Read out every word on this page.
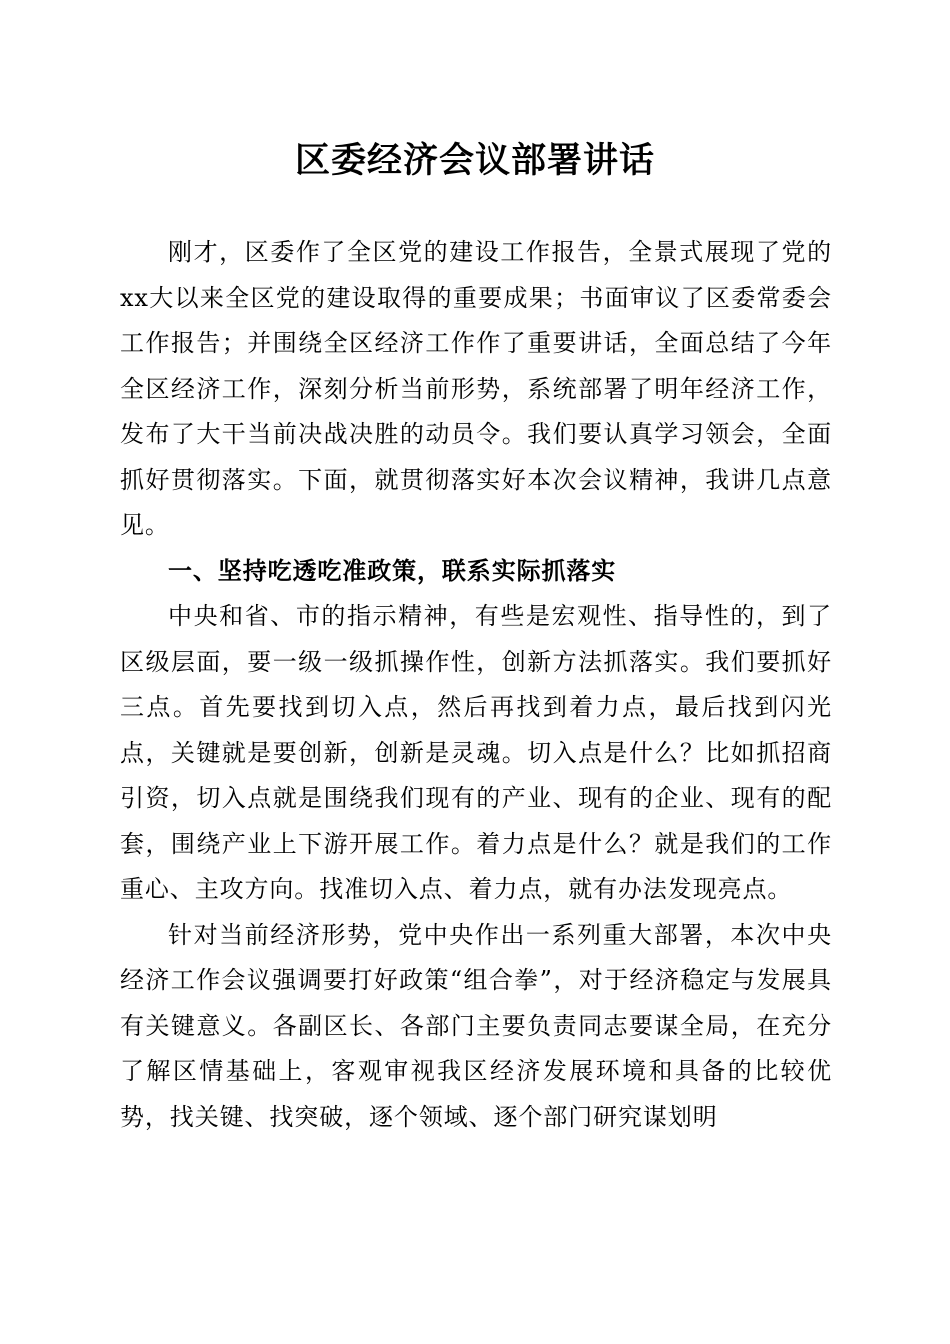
区委经济会议部署讲话

刚才，区委作了全区党的建设工作报告，全景式展现了党的xx大以来全区党的建设取得的重要成果；书面审议了区委常委会工作报告；并围绕全区经济工作作了重要讲话，全面总结了今年全区经济工作，深刻分析当前形势，系统部署了明年经济工作，发布了大干当前决战决胜的动员令。我们要认真学习领会，全面抓好贯彻落实。下面，就贯彻落实好本次会议精神，我讲几点意见。

一、坚持吃透吃准政策，联系实际抓落实

中央和省、市的指示精神，有些是宏观性、指导性的，到了区级层面，要一级一级抓操作性，创新方法抓落实。我们要抓好三点。首先要找到切入点，然后再找到着力点，最后找到闪光点，关键就是要创新，创新是灵魂。切入点是什么？比如抓招商引资，切入点就是围绕我们现有的产业、现有的企业、现有的配套，围绕产业上下游开展工作。着力点是什么？就是我们的工作重心、主攻方向。找准切入点、着力点，就有办法发现亮点。

针对当前经济形势，党中央作出一系列重大部署，本次中央经济工作会议强调要打好政策“组合拳”，对于经济稳定与发展具有关键意义。各副区长、各部门主要负责同志要谋全局，在充分了解区情基础上，客观审视我区经济发展环境和具备的比较优势，找关键、找突破，逐个领域、逐个部门研究谋划明
